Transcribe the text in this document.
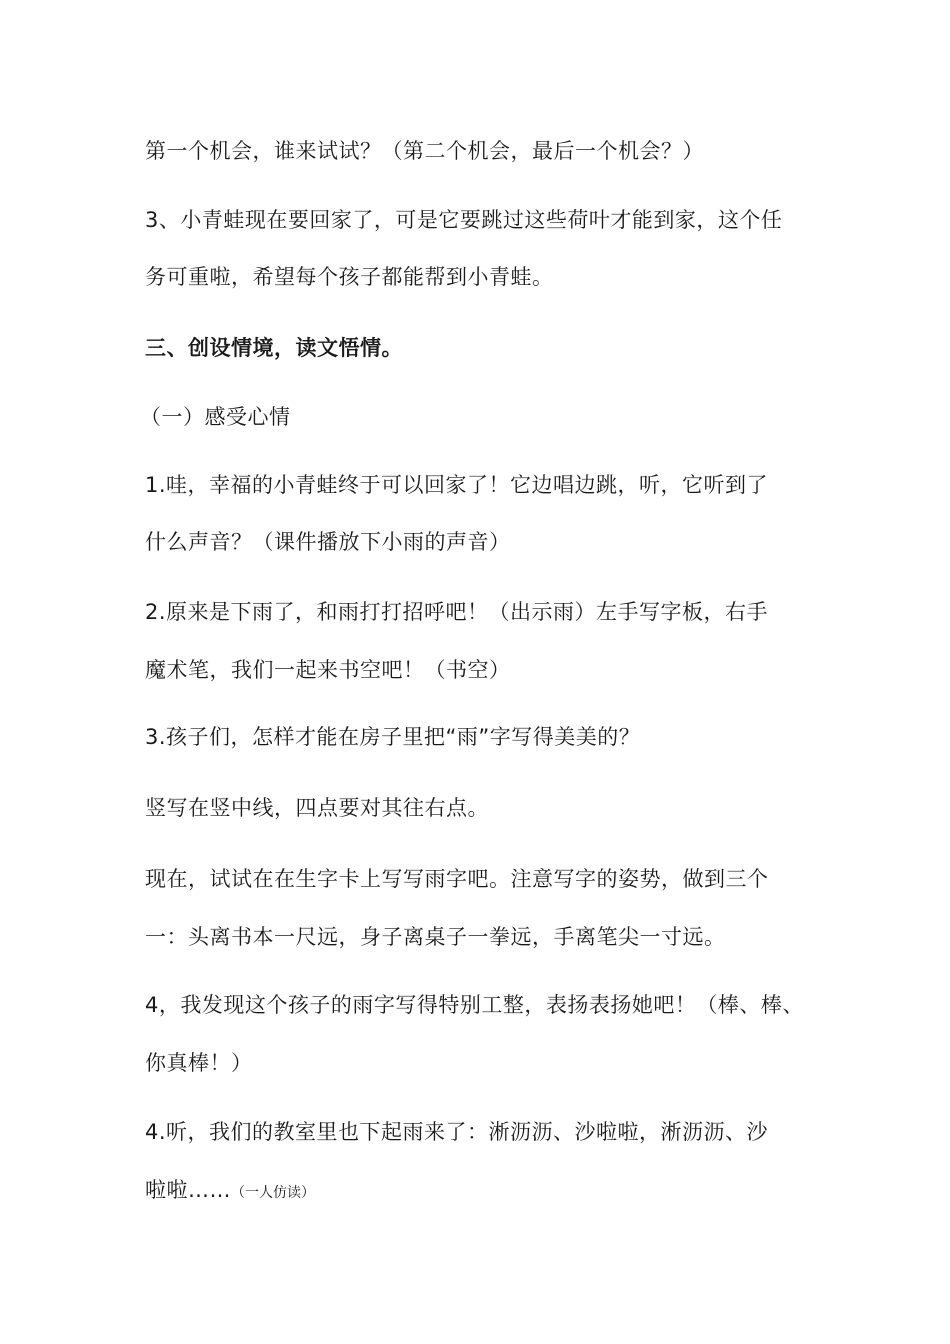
第一个机会，谁来试试？（第二个机会，最后一个机会？）
3、小青蛙现在要回家了，可是它要跳过这些荷叶才能到家，这个任
务可重啦，希望每个孩子都能帮到小青蛙。
三、创设情境，读文悟情。
（一）感受心情
1.哇，幸福的小青蛙终于可以回家了！它边唱边跳，听，它听到了
什么声音？（课件播放下小雨的声音）
2.原来是下雨了，和雨打打招呼吧！（出示雨）左手写字板，右手
魔术笔，我们一起来书空吧！（书空）
3.孩子们，怎样才能在房子里把“雨”字写得美美的？
竖写在竖中线，四点要对其往右点。
现在，试试在在生字卡上写写雨字吧。注意写字的姿势，做到三个
一：头离书本一尺远，身子离桌子一拳远，手离笔尖一寸远。
4，我发现这个孩子的雨字写得特别工整，表扬表扬她吧！（棒、棒、
你真棒！）
4.听，我们的教室里也下起雨来了：淅沥沥、沙啦啦，淅沥沥、沙
啦啦……（一人仿读）
